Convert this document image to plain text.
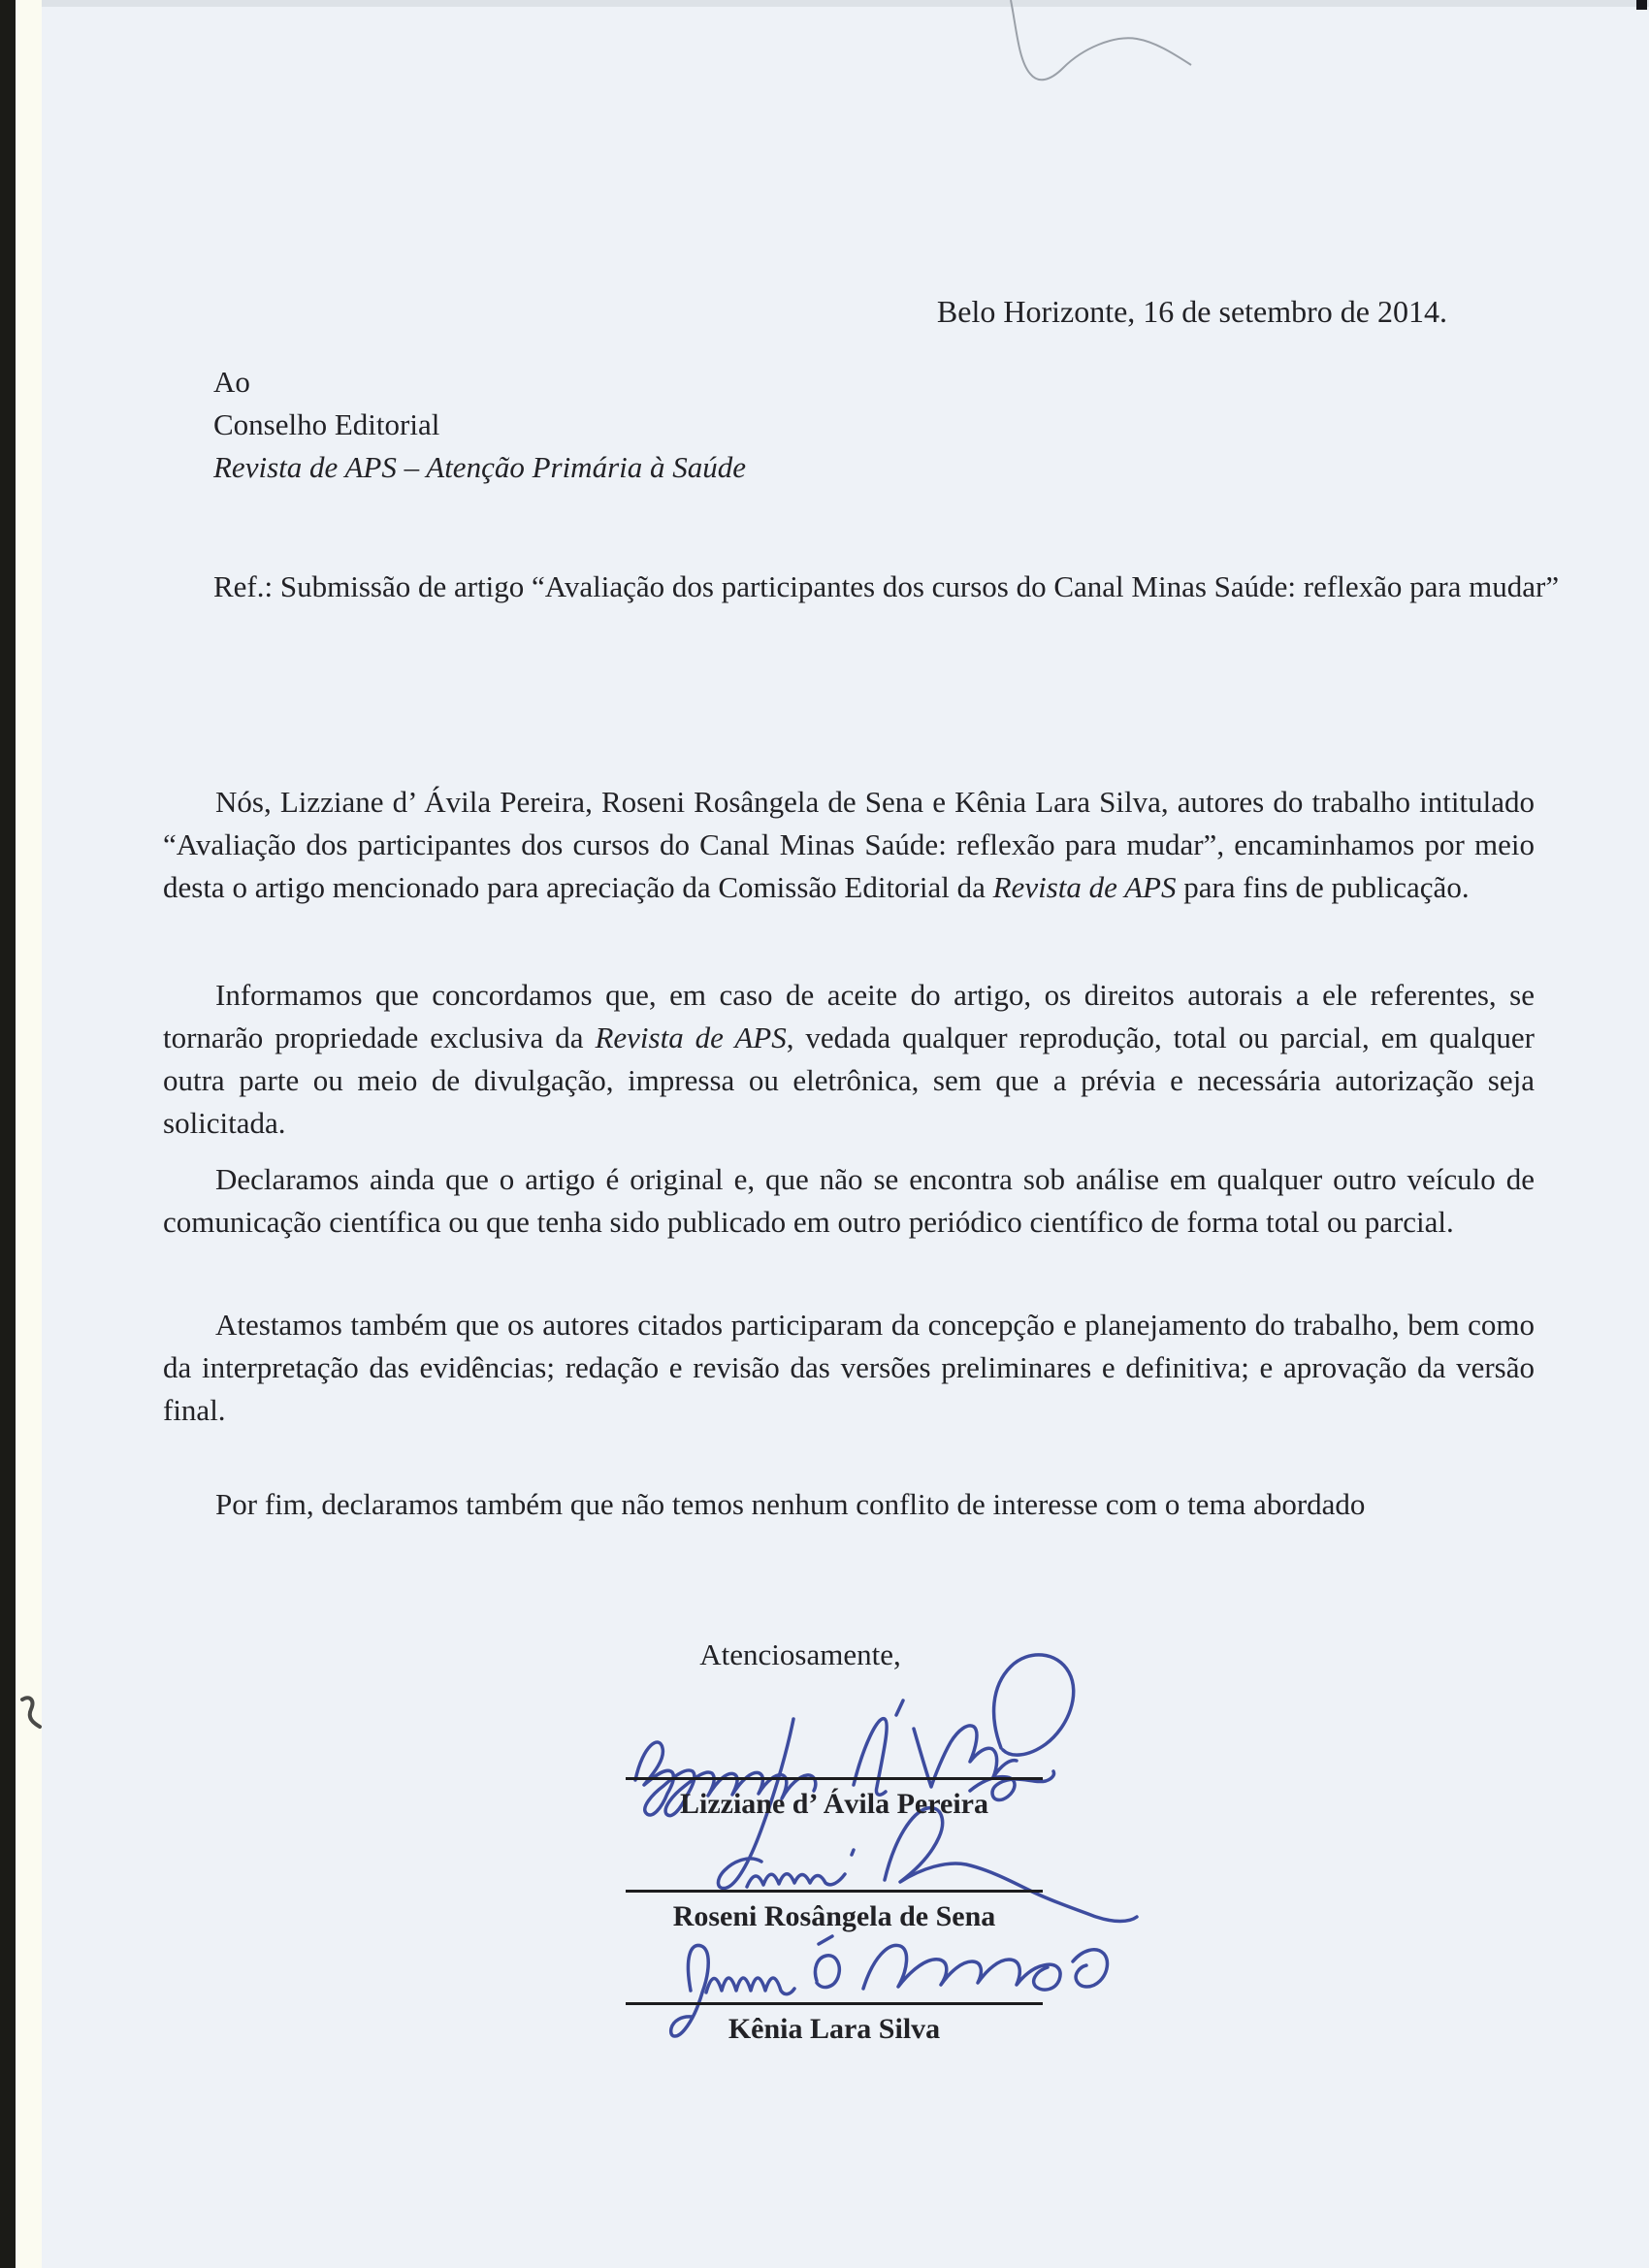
Belo Horizonte, 16 de setembro de 2014.
Ao
Conselho Editorial
Revista de APS – Atenção Primária à Saúde
Ref.: Submissão de artigo “Avaliação dos participantes dos cursos do Canal Minas Saúde: reflexão para mudar”
Nós, Lizziane d’ Ávila Pereira, Roseni Rosângela de Sena e Kênia Lara Silva, autores do trabalho intitulado “Avaliação dos participantes dos cursos do Canal Minas Saúde: reflexão para mudar”, encaminhamos por meio desta o artigo mencionado para apreciação da Comissão Editorial da Revista de APS para fins de publicação.
Informamos que concordamos que, em caso de aceite do artigo, os direitos autorais a ele referentes, se tornarão propriedade exclusiva da Revista de APS, vedada qualquer reprodução, total ou parcial, em qualquer outra parte ou meio de divulgação, impressa ou eletrônica, sem que a prévia e necessária autorização seja solicitada.
Declaramos ainda que o artigo é original e, que não se encontra sob análise em qualquer outro veículo de comunicação científica ou que tenha sido publicado em outro periódico científico de forma total ou parcial.
Atestamos também que os autores citados participaram da concepção e planejamento do trabalho, bem como da interpretação das evidências; redação e revisão das versões preliminares e definitiva; e aprovação da versão final.
Por fim, declaramos também que não temos nenhum conflito de interesse com o tema abordado
Atenciosamente,
Lizziane d’ Ávila Pereira
Roseni Rosângela de Sena
Kênia Lara Silva
